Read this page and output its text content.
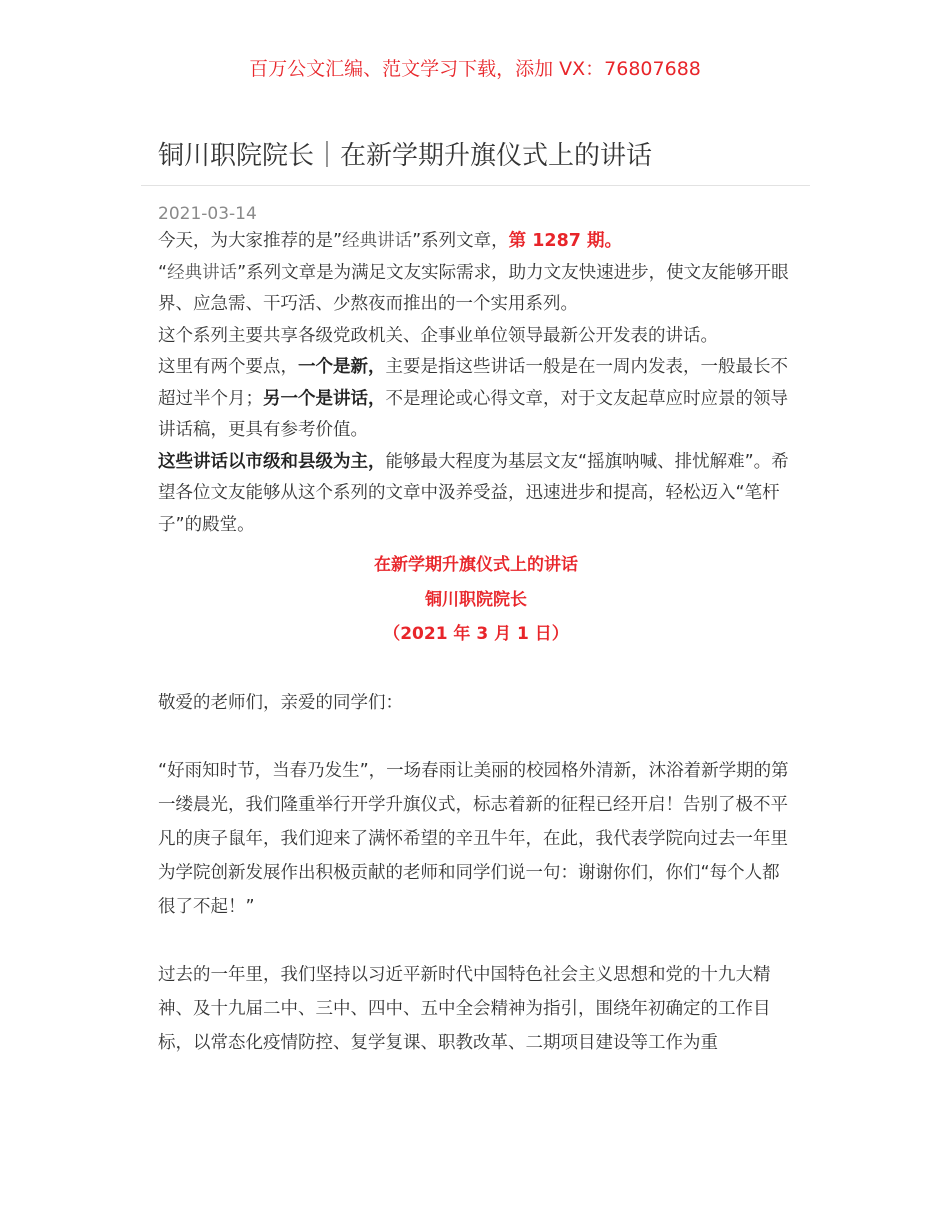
百万公文汇编、范文学习下载，添加 VX：76807688
铜川职院院长｜在新学期升旗仪式上的讲话

2021-03-14

今天，为大家推荐的是”经典讲话”系列文章，第 1287 期。

“经典讲话”系列文章是为满足文友实际需求，助力文友快速进步，使文友能够开眼界、应急需、干巧活、少熬夜而推出的一个实用系列。

这个系列主要共享各级党政机关、企事业单位领导最新公开发表的讲话。

这里有两个要点，一个是新，主要是指这些讲话一般是在一周内发表，一般最长不超过半个月；另一个是讲话，不是理论或心得文章，对于文友起草应时应景的领导讲话稿，更具有参考价值。

这些讲话以市级和县级为主，能够最大程度为基层文友“摇旗呐喊、排忧解难”。希望各位文友能够从这个系列的文章中汲养受益，迅速进步和提高，轻松迈入“笔杆子”的殿堂。

在新学期升旗仪式上的讲话

铜川职院院长

（2021 年 3 月 1 日）

敬爱的老师们，亲爱的同学们：

“好雨知时节，当春乃发生”，一场春雨让美丽的校园格外清新，沐浴着新学期的第一缕晨光，我们隆重举行开学升旗仪式，标志着新的征程已经开启！告别了极不平凡的庚子鼠年，我们迎来了满怀希望的辛丑牛年，在此，我代表学院向过去一年里为学院创新发展作出积极贡献的老师和同学们说一句：谢谢你们，你们“每个人都很了不起！”

过去的一年里，我们坚持以习近平新时代中国特色社会主义思想和党的十九大精神、及十九届二中、三中、四中、五中全会精神为指引，围绕年初确定的工作目标，以常态化疫情防控、复学复课、职教改革、二期项目建设等工作为重
